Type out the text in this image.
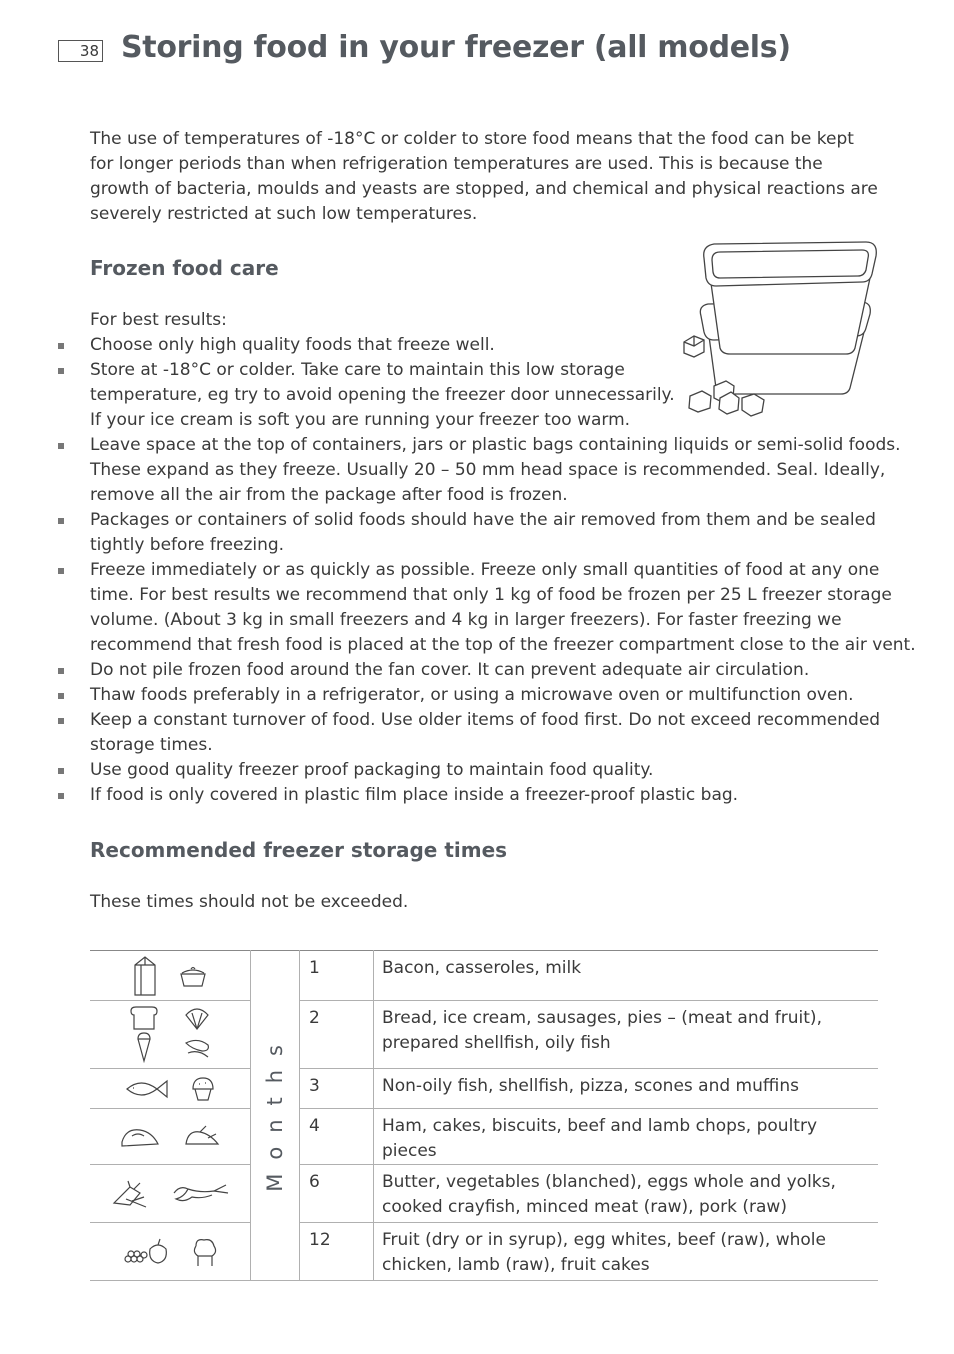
38 Storing food in your freezer (all models)

The use of temperatures of -18°C or colder to store food means that the food can be kept for longer periods than when refrigeration temperatures are used. This is because the growth of bacteria, moulds and yeasts are stopped, and chemical and physical reactions are severely restricted at such low temperatures.

Frozen food care

For best results:

Choose only high quality foods that freeze well.
Store at -18°C or colder. Take care to maintain this low storage
temperature, eg try to avoid opening the freezer door unnecessarily.
If your ice cream is soft you are running your freezer too warm.
Leave space at the top of containers, jars or plastic bags containing liquids or semi-solid foods.
These expand as they freeze. Usually 20 – 50 mm head space is recommended. Seal. Ideally,
remove all the air from the package after food is frozen.
Packages or containers of solid foods should have the air removed from them and be sealed
tightly before freezing.
Freeze immediately or as quickly as possible. Freeze only small quantities of food at any one
time. For best results we recommend that only 1 kg of food be frozen per 25 L freezer storage
volume. (About 3 kg in small freezers and 4 kg in larger freezers). For faster freezing we
recommend that fresh food is placed at the top of the freezer compartment close to the air vent.
Do not pile frozen food around the fan cover. It can prevent adequate air circulation.
Thaw foods preferably in a refrigerator, or using a microwave oven or multifunction oven.
Keep a constant turnover of food. Use older items of food first. Do not exceed recommended
storage times.
Use good quality freezer proof packaging to maintain food quality.
If food is only covered in plastic film place inside a freezer-proof plastic bag.
Recommended freezer storage times

These times should not be exceeded.

	Months	1	Bacon, casseroles, milk

	2	Bread, ice cream, sausages, pies – (meat and fruit),
prepared shellfish, oily fish

	3	Non-oily fish, shellfish, pizza, scones and muffins

	4	Ham, cakes, biscuits, beef and lamb chops, poultry pieces

	6	Butter, vegetables (blanched), eggs whole and yolks,
cooked crayfish, minced meat (raw), pork (raw)

	12	Fruit (dry or in syrup), egg whites, beef (raw), whole
chicken, lamb (raw), fruit cakes
